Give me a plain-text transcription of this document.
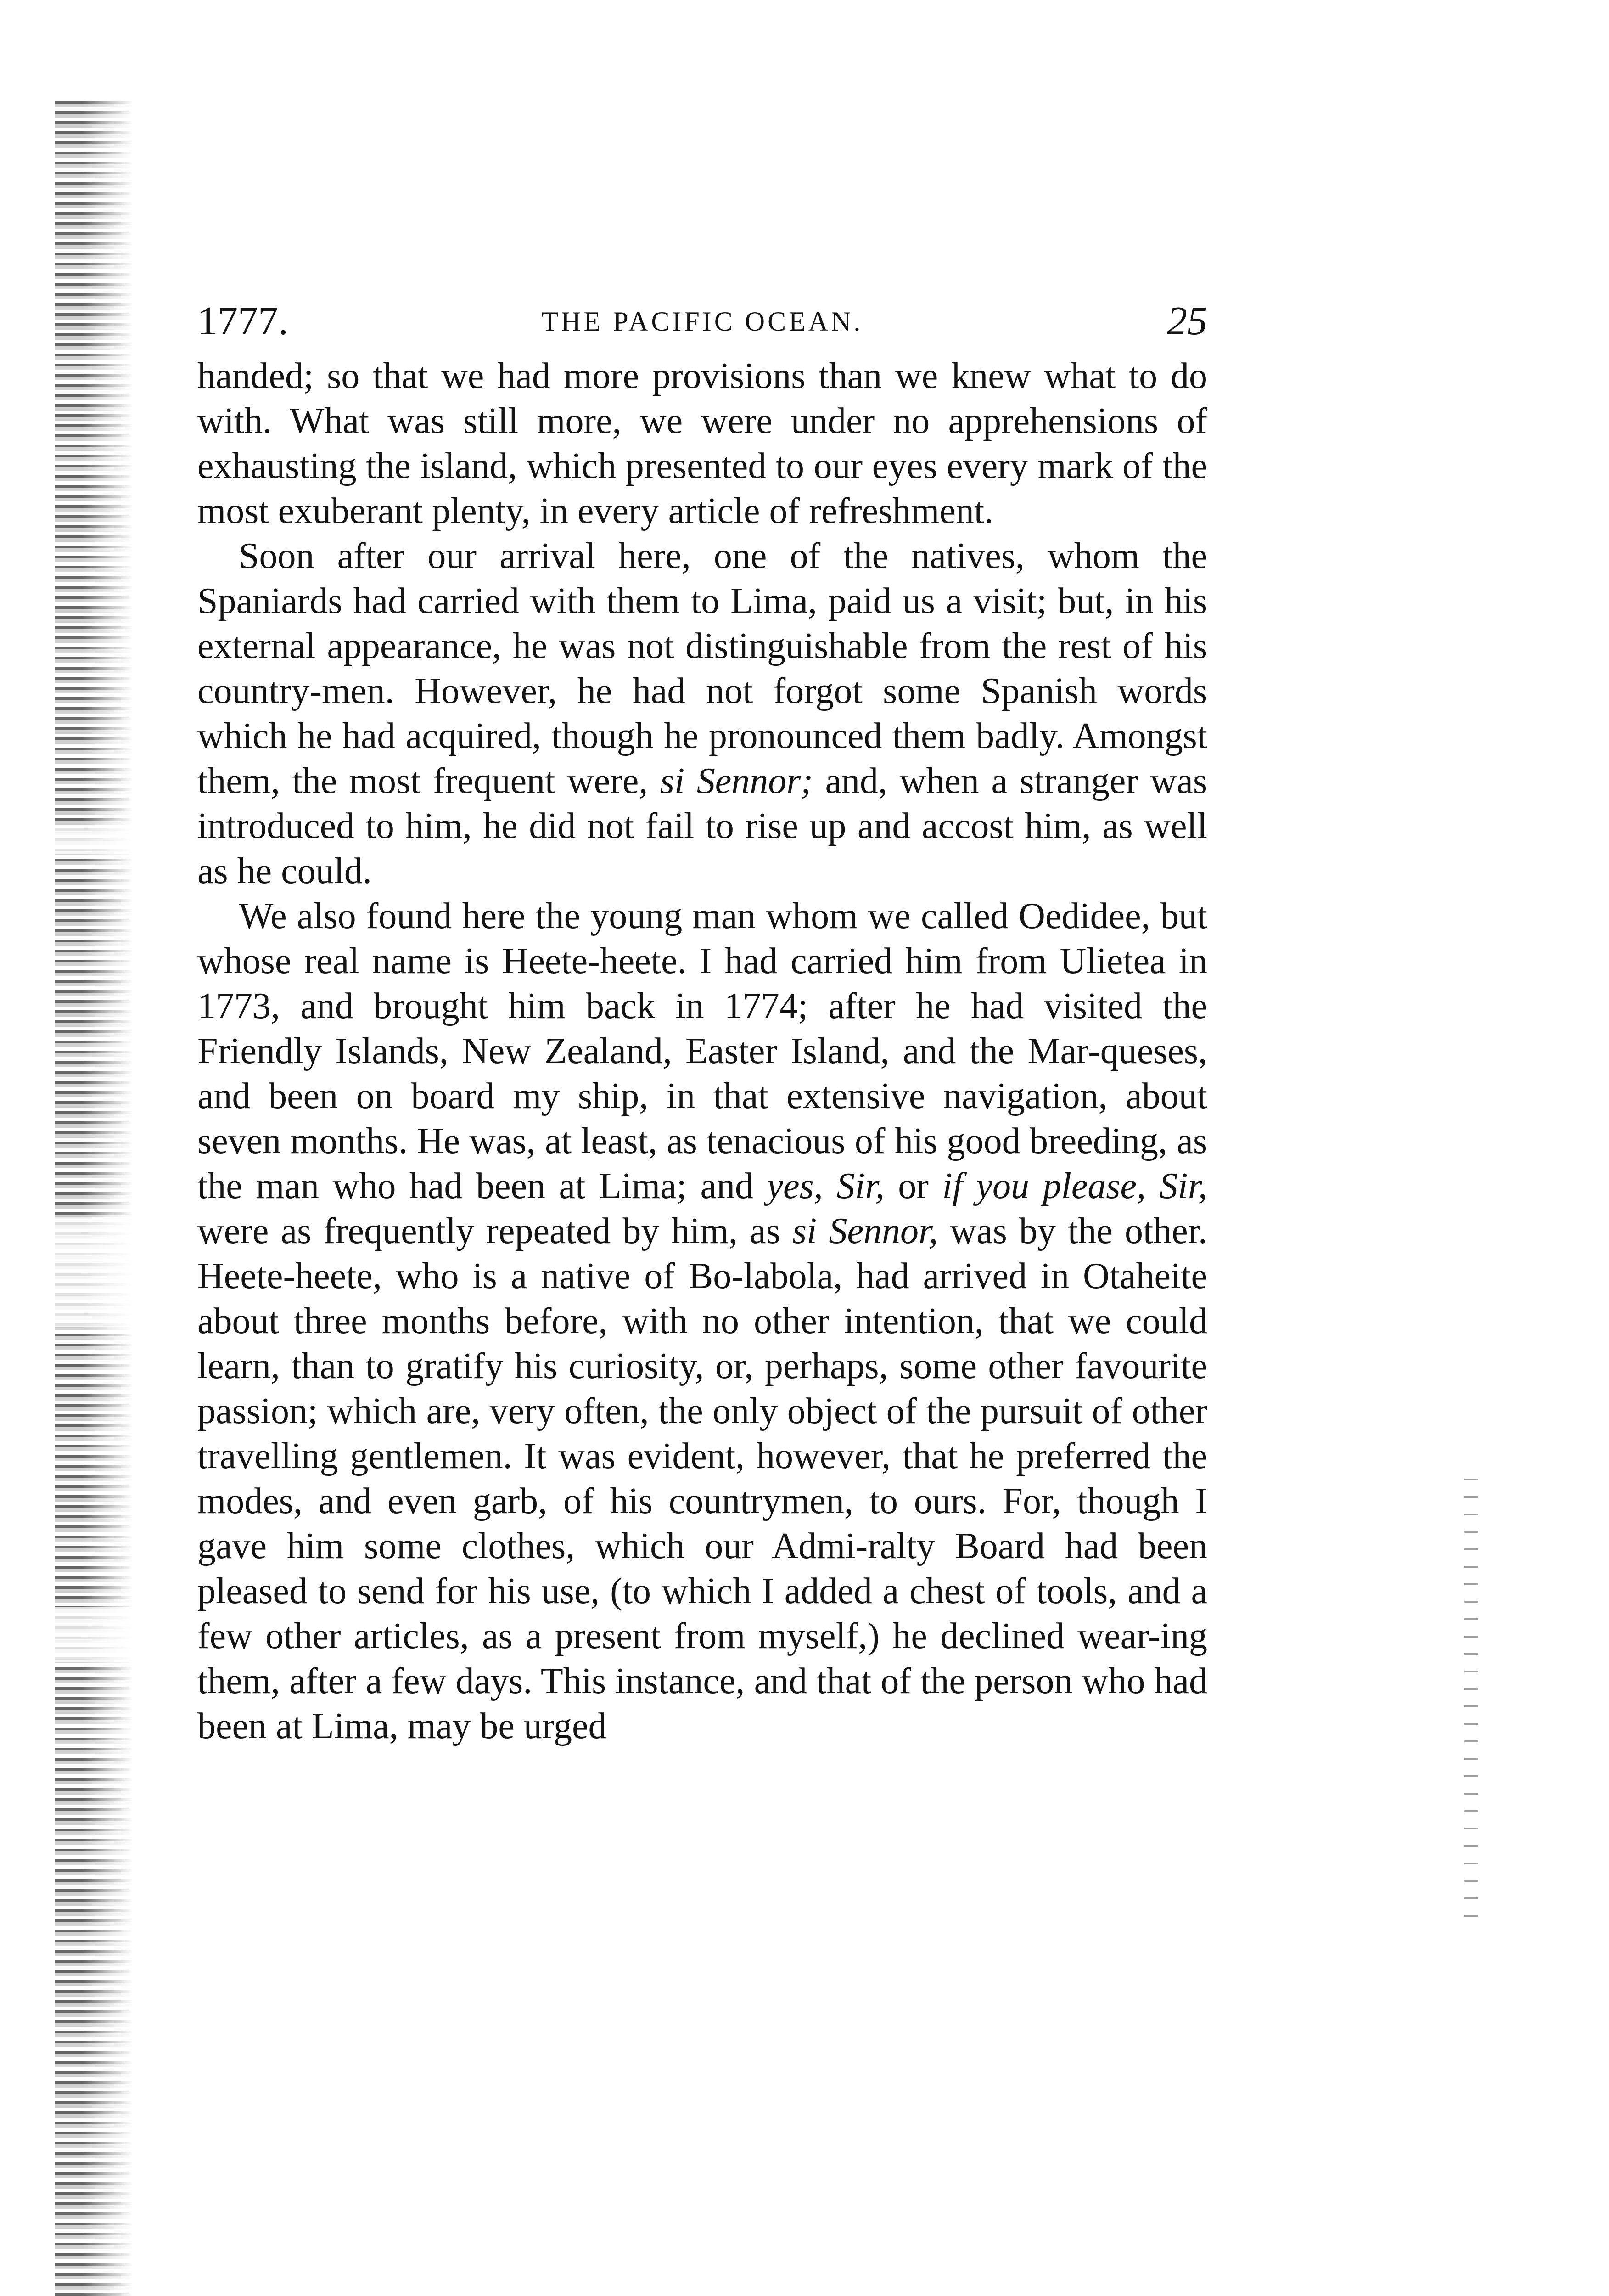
1777.	THE PACIFIC OCEAN.	25

handed; so that we had more provisions than we knew what to do with. What was still more, we were under no apprehensions of exhausting the island, which presented to our eyes every mark of the most exuberant plenty, in every article of refreshment.

Soon after our arrival here, one of the natives, whom the Spaniards had carried with them to Lima, paid us a visit; but, in his external appearance, he was not distinguishable from the rest of his country-men. However, he had not forgot some Spanish words which he had acquired, though he pronounced them badly. Amongst them, the most frequent were, si Sennor; and, when a stranger was introduced to him, he did not fail to rise up and accost him, as well as he could.

We also found here the young man whom we called Oedidee, but whose real name is Heete-heete. I had carried him from Ulietea in 1773, and brought him back in 1774; after he had visited the Friendly Islands, New Zealand, Easter Island, and the Mar-queses, and been on board my ship, in that extensive navigation, about seven months. He was, at least, as tenacious of his good breeding, as the man who had been at Lima; and yes, Sir, or if you please, Sir, were as frequently repeated by him, as si Sennor, was by the other. Heete-heete, who is a native of Bo-labola, had arrived in Otaheite about three months before, with no other intention, that we could learn, than to gratify his curiosity, or, perhaps, some other favourite passion; which are, very often, the only object of the pursuit of other travelling gentlemen. It was evident, however, that he preferred the modes, and even garb, of his countrymen, to ours. For, though I gave him some clothes, which our Admi-ralty Board had been pleased to send for his use, (to which I added a chest of tools, and a few other articles, as a present from myself,) he declined wear-ing them, after a few days. This instance, and that of the person who had been at Lima, may be urged
